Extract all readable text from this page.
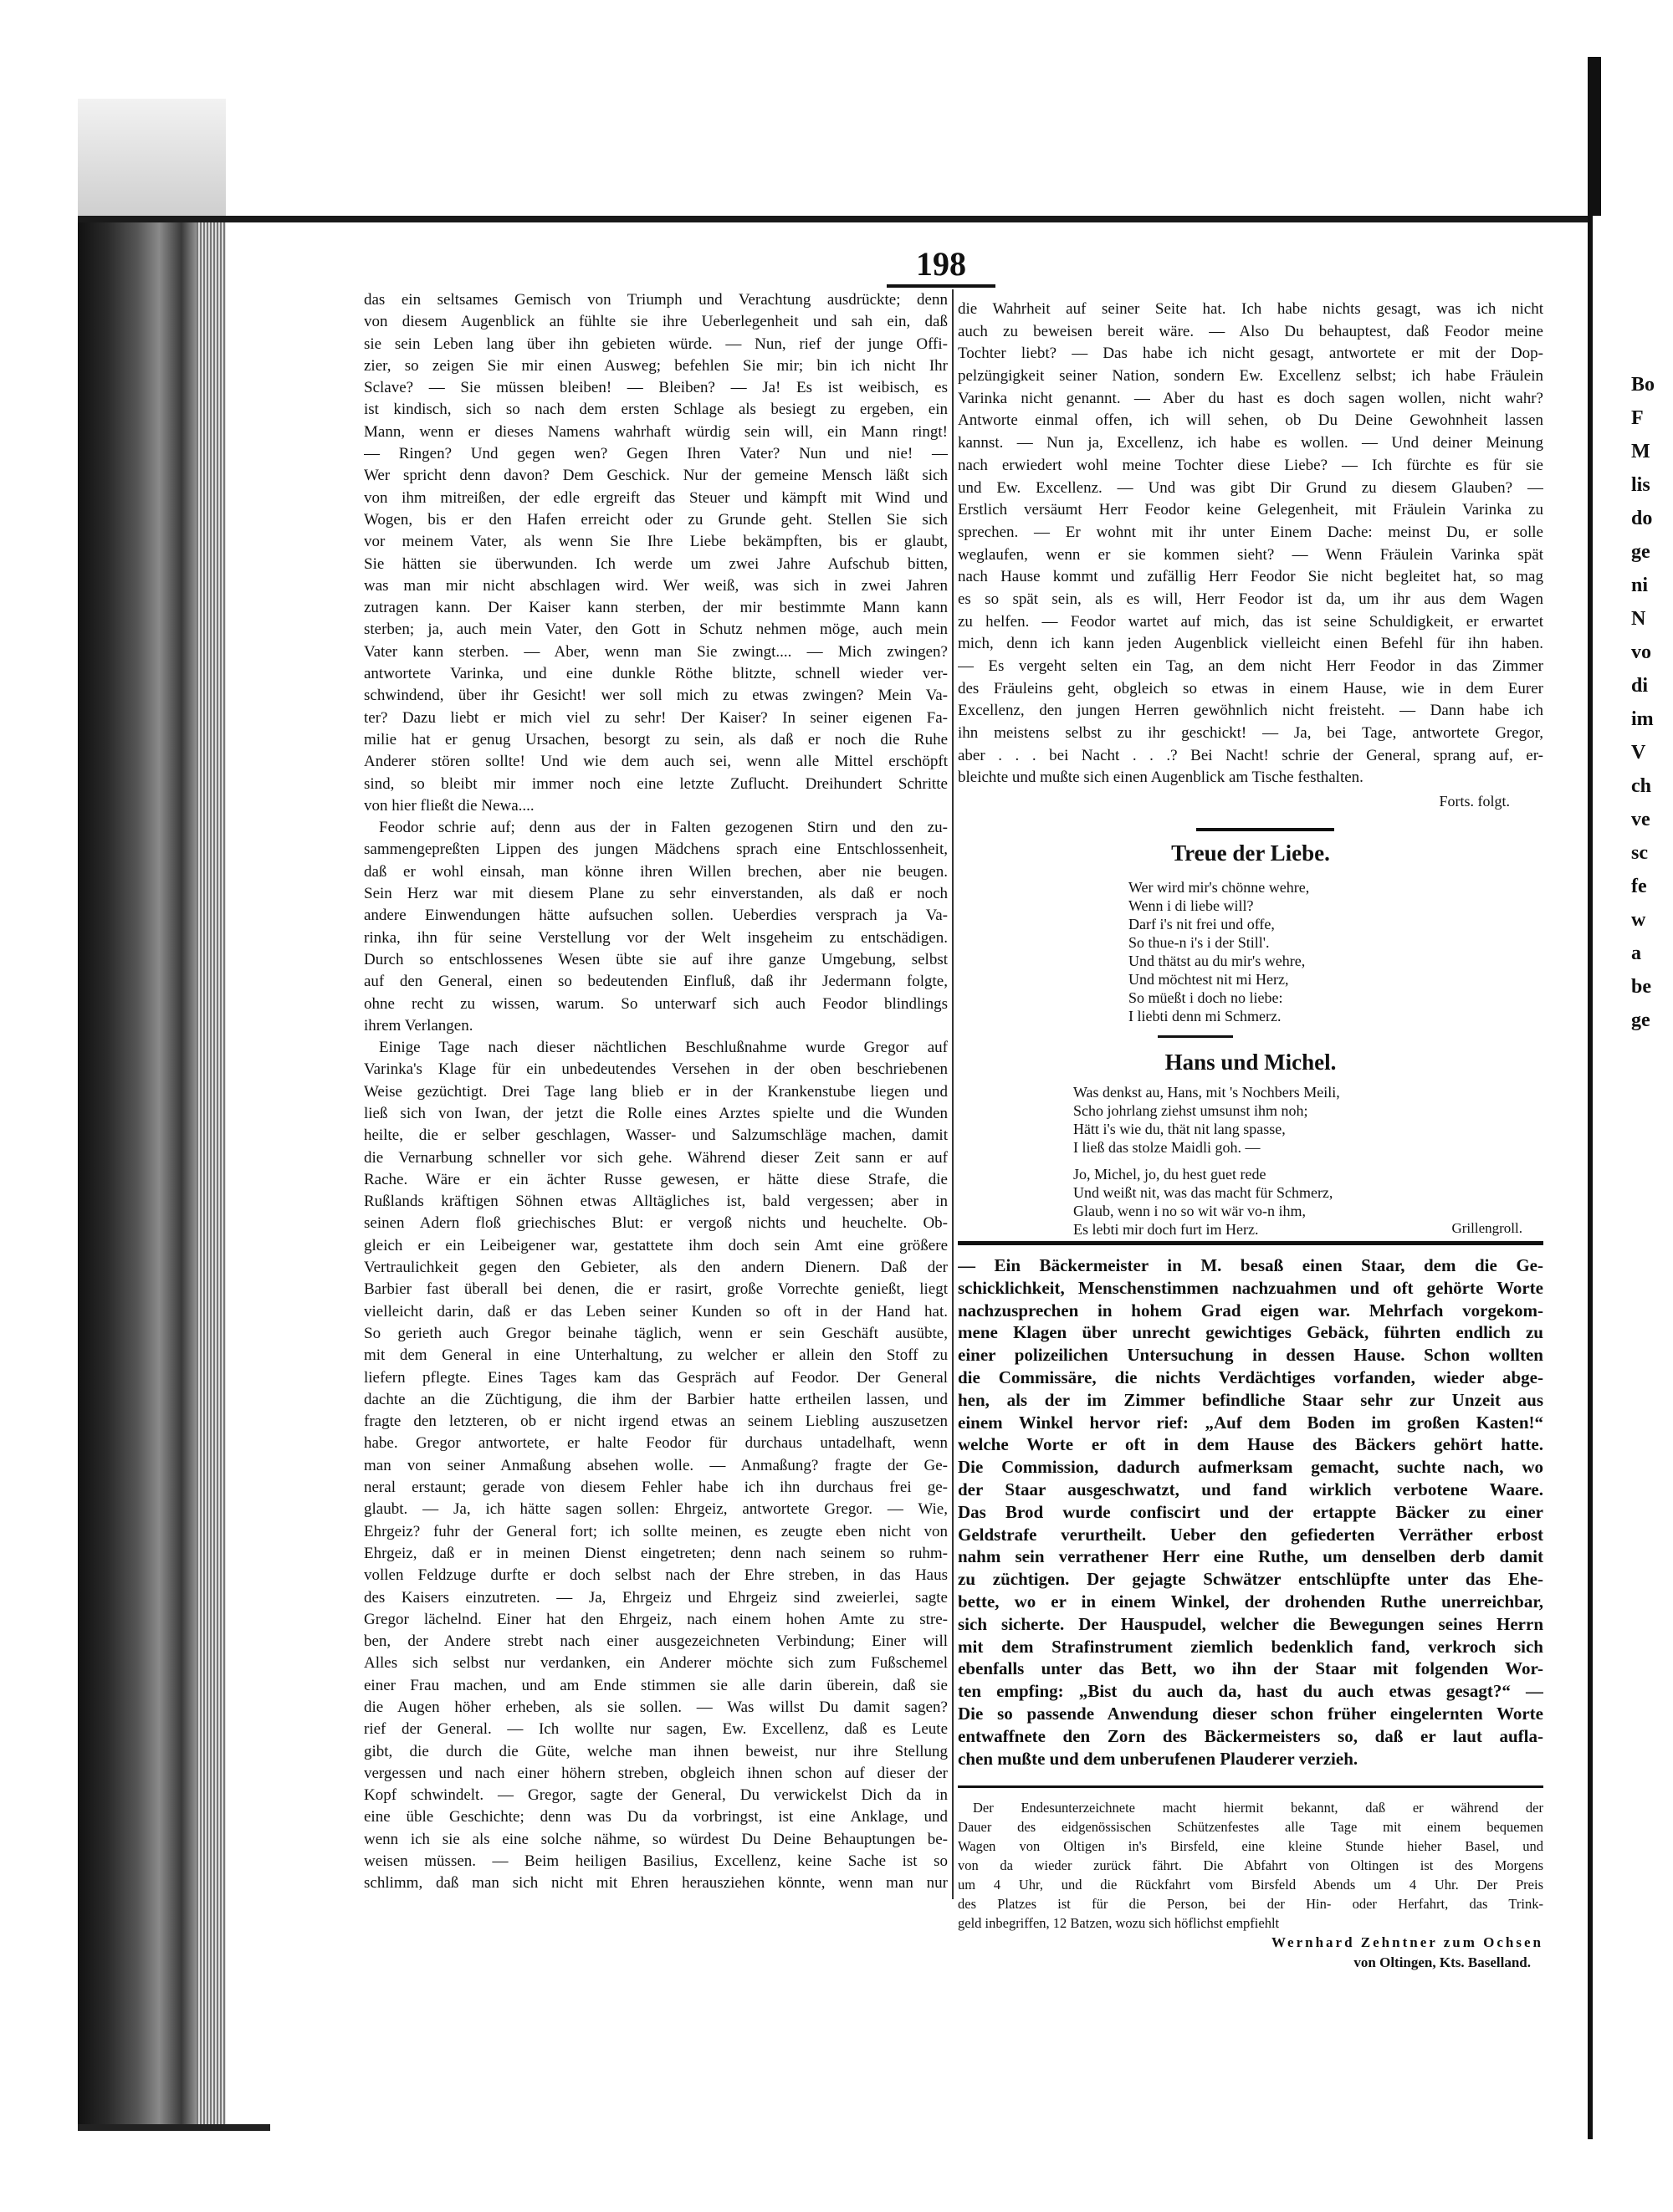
198
das ein seltsames Gemisch von Triumph und Verachtung ausdrückte; denn
von diesem Augenblick an fühlte sie ihre Ueberlegenheit und sah ein, daß
sie sein Leben lang über ihn gebieten würde. — Nun, rief der junge Offi-
zier, so zeigen Sie mir einen Ausweg; befehlen Sie mir; bin ich nicht Ihr
Sclave? — Sie müssen bleiben! — Bleiben? — Ja! Es ist weibisch, es
ist kindisch, sich so nach dem ersten Schlage als besiegt zu ergeben, ein
Mann, wenn er dieses Namens wahrhaft würdig sein will, ein Mann ringt!
— Ringen? Und gegen wen? Gegen Ihren Vater? Nun und nie! —
Wer spricht denn davon? Dem Geschick. Nur der gemeine Mensch läßt sich
von ihm mitreißen, der edle ergreift das Steuer und kämpft mit Wind und
Wogen, bis er den Hafen erreicht oder zu Grunde geht. Stellen Sie sich
vor meinem Vater, als wenn Sie Ihre Liebe bekämpften, bis er glaubt,
Sie hätten sie überwunden. Ich werde um zwei Jahre Aufschub bitten,
was man mir nicht abschlagen wird. Wer weiß, was sich in zwei Jahren
zutragen kann. Der Kaiser kann sterben, der mir bestimmte Mann kann
sterben; ja, auch mein Vater, den Gott in Schutz nehmen möge, auch mein
Vater kann sterben. — Aber, wenn man Sie zwingt.... — Mich zwingen?
antwortete Varinka, und eine dunkle Röthe blitzte, schnell wieder ver-
schwindend, über ihr Gesicht! wer soll mich zu etwas zwingen? Mein Va-
ter? Dazu liebt er mich viel zu sehr! Der Kaiser? In seiner eigenen Fa-
milie hat er genug Ursachen, besorgt zu sein, als daß er noch die Ruhe
Anderer stören sollte! Und wie dem auch sei, wenn alle Mittel erschöpft
sind, so bleibt mir immer noch eine letzte Zuflucht. Dreihundert Schritte
von hier fließt die Newa....
Feodor schrie auf; denn aus der in Falten gezogenen Stirn und den zu-
sammengepreßten Lippen des jungen Mädchens sprach eine Entschlossenheit,
daß er wohl einsah, man könne ihren Willen brechen, aber nie beugen.
Sein Herz war mit diesem Plane zu sehr einverstanden, als daß er noch
andere Einwendungen hätte aufsuchen sollen. Ueberdies versprach ja Va-
rinka, ihn für seine Verstellung vor der Welt insgeheim zu entschädigen.
Durch so entschlossenes Wesen übte sie auf ihre ganze Umgebung, selbst
auf den General, einen so bedeutenden Einfluß, daß ihr Jedermann folgte,
ohne recht zu wissen, warum. So unterwarf sich auch Feodor blindlings
ihrem Verlangen.
Einige Tage nach dieser nächtlichen Beschlußnahme wurde Gregor auf
Varinka's Klage für ein unbedeutendes Versehen in der oben beschriebenen
Weise gezüchtigt. Drei Tage lang blieb er in der Krankenstube liegen und
ließ sich von Iwan, der jetzt die Rolle eines Arztes spielte und die Wunden
heilte, die er selber geschlagen, Wasser- und Salzumschläge machen, damit
die Vernarbung schneller vor sich gehe. Während dieser Zeit sann er auf
Rache. Wäre er ein ächter Russe gewesen, er hätte diese Strafe, die
Rußlands kräftigen Söhnen etwas Alltägliches ist, bald vergessen; aber in
seinen Adern floß griechisches Blut: er vergoß nichts und heuchelte. Ob-
gleich er ein Leibeigener war, gestattete ihm doch sein Amt eine größere
Vertraulichkeit gegen den Gebieter, als den andern Dienern. Daß der
Barbier fast überall bei denen, die er rasirt, große Vorrechte genießt, liegt
vielleicht darin, daß er das Leben seiner Kunden so oft in der Hand hat.
So gerieth auch Gregor beinahe täglich, wenn er sein Geschäft ausübte,
mit dem General in eine Unterhaltung, zu welcher er allein den Stoff zu
liefern pflegte. Eines Tages kam das Gespräch auf Feodor. Der General
dachte an die Züchtigung, die ihm der Barbier hatte ertheilen lassen, und
fragte den letzteren, ob er nicht irgend etwas an seinem Liebling auszusetzen
habe. Gregor antwortete, er halte Feodor für durchaus untadelhaft, wenn
man von seiner Anmaßung absehen wolle. — Anmaßung? fragte der Ge-
neral erstaunt; gerade von diesem Fehler habe ich ihn durchaus frei ge-
glaubt. — Ja, ich hätte sagen sollen: Ehrgeiz, antwortete Gregor. — Wie,
Ehrgeiz? fuhr der General fort; ich sollte meinen, es zeugte eben nicht von
Ehrgeiz, daß er in meinen Dienst eingetreten; denn nach seinem so ruhm-
vollen Feldzuge durfte er doch selbst nach der Ehre streben, in das Haus
des Kaisers einzutreten. — Ja, Ehrgeiz und Ehrgeiz sind zweierlei, sagte
Gregor lächelnd. Einer hat den Ehrgeiz, nach einem hohen Amte zu stre-
ben, der Andere strebt nach einer ausgezeichneten Verbindung; Einer will
Alles sich selbst nur verdanken, ein Anderer möchte sich zum Fußschemel
einer Frau machen, und am Ende stimmen sie alle darin überein, daß sie
die Augen höher erheben, als sie sollen. — Was willst Du damit sagen?
rief der General. — Ich wollte nur sagen, Ew. Excellenz, daß es Leute
gibt, die durch die Güte, welche man ihnen beweist, nur ihre Stellung
vergessen und nach einer höhern streben, obgleich ihnen schon auf dieser der
Kopf schwindelt. — Gregor, sagte der General, Du verwickelst Dich da in
eine üble Geschichte; denn was Du da vorbringst, ist eine Anklage, und
wenn ich sie als eine solche nähme, so würdest Du Deine Behauptungen be-
weisen müssen. — Beim heiligen Basilius, Excellenz, keine Sache ist so
schlimm, daß man sich nicht mit Ehren herausziehen könnte, wenn man nur
die Wahrheit auf seiner Seite hat. Ich habe nichts gesagt, was ich nicht
auch zu beweisen bereit wäre. — Also Du behauptest, daß Feodor meine
Tochter liebt? — Das habe ich nicht gesagt, antwortete er mit der Dop-
pelzüngigkeit seiner Nation, sondern Ew. Excellenz selbst; ich habe Fräulein
Varinka nicht genannt. — Aber du hast es doch sagen wollen, nicht wahr?
Antworte einmal offen, ich will sehen, ob Du Deine Gewohnheit lassen
kannst. — Nun ja, Excellenz, ich habe es wollen. — Und deiner Meinung
nach erwiedert wohl meine Tochter diese Liebe? — Ich fürchte es für sie
und Ew. Excellenz. — Und was gibt Dir Grund zu diesem Glauben? —
Erstlich versäumt Herr Feodor keine Gelegenheit, mit Fräulein Varinka zu
sprechen. — Er wohnt mit ihr unter Einem Dache: meinst Du, er solle
weglaufen, wenn er sie kommen sieht? — Wenn Fräulein Varinka spät
nach Hause kommt und zufällig Herr Feodor Sie nicht begleitet hat, so mag
es so spät sein, als es will, Herr Feodor ist da, um ihr aus dem Wagen
zu helfen. — Feodor wartet auf mich, das ist seine Schuldigkeit, er erwartet
mich, denn ich kann jeden Augenblick vielleicht einen Befehl für ihn haben.
— Es vergeht selten ein Tag, an dem nicht Herr Feodor in das Zimmer
des Fräuleins geht, obgleich so etwas in einem Hause, wie in dem Eurer
Excellenz, den jungen Herren gewöhnlich nicht freisteht. — Dann habe ich
ihn meistens selbst zu ihr geschickt! — Ja, bei Tage, antwortete Gregor,
aber . . . bei Nacht . . .? Bei Nacht! schrie der General, sprang auf, er-
bleichte und mußte sich einen Augenblick am Tische festhalten.
Forts. folgt.
Treue der Liebe.
Wer wird mir's chönne wehre,
Wenn i di liebe will?
Darf i's nit frei und offe,
So thue-n i's i der Still'.
Und thätst au du mir's wehre,
Und möchtest nit mi Herz,
So müeßt i doch no liebe:
I liebti denn mi Schmerz.
Hans und Michel.
Was denkst au, Hans, mit 's Nochbers Meili,
Scho johrlang ziehst umsunst ihm noh;
Hätt i's wie du, thät nit lang spasse,
I ließ das stolze Maidli goh. —
Jo, Michel, jo, du hest guet rede
Und weißt nit, was das macht für Schmerz,
Glaub, wenn i no so wit wär vo-n ihm,
Es lebti mir doch furt im Herz.	Grillengroll.
— Ein Bäckermeister in M. besaß einen Staar, dem die Ge-
schicklichkeit, Menschenstimmen nachzuahmen und oft gehörte Worte
nachzusprechen in hohem Grad eigen war. Mehrfach vorgekom-
mene Klagen über unrecht gewichtiges Gebäck, führten endlich zu
einer polizeilichen Untersuchung in dessen Hause. Schon wollten
die Commissäre, die nichts Verdächtiges vorfanden, wieder abge-
hen, als der im Zimmer befindliche Staar sehr zur Unzeit aus
einem Winkel hervor rief: „Auf dem Boden im großen Kasten!“
welche Worte er oft in dem Hause des Bäckers gehört hatte.
Die Commission, dadurch aufmerksam gemacht, suchte nach, wo
der Staar ausgeschwatzt, und fand wirklich verbotene Waare.
Das Brod wurde confiscirt und der ertappte Bäcker zu einer
Geldstrafe verurtheilt. Ueber den gefiederten Verräther erbost
nahm sein verrathener Herr eine Ruthe, um denselben derb damit
zu züchtigen. Der gejagte Schwätzer entschlüpfte unter das Ehe-
bette, wo er in einem Winkel, der drohenden Ruthe unerreichbar,
sich sicherte. Der Hauspudel, welcher die Bewegungen seines Herrn
mit dem Strafinstrument ziemlich bedenklich fand, verkroch sich
ebenfalls unter das Bett, wo ihn der Staar mit folgenden Wor-
ten empfing: „Bist du auch da, hast du auch etwas gesagt?“ —
Die so passende Anwendung dieser schon früher eingelernten Worte
entwaffnete den Zorn des Bäckermeisters so, daß er laut aufla-
chen mußte und dem unberufenen Plauderer verzieh.
Der Endesunterzeichnete macht hiermit bekannt, daß er während der
Dauer des eidgenössischen Schützenfestes alle Tage mit einem bequemen
Wagen von Oltigen in's Birsfeld, eine kleine Stunde hieher Basel, und
von da wieder zurück fährt. Die Abfahrt von Oltingen ist des Morgens
um 4 Uhr, und die Rückfahrt vom Birsfeld Abends um 4 Uhr. Der Preis
des Platzes ist für die Person, bei der Hin- oder Herfahrt, das Trink-
geld inbegriffen, 12 Batzen, wozu sich höflichst empfiehlt
Wernhard Zehntner zum Ochsen
von Oltingen, Kts. Baselland.
Bo
F
M
lis
do
ge
ni
N
vo
di
im
V
ch
ve
sc
fe
w
a
be
ge
